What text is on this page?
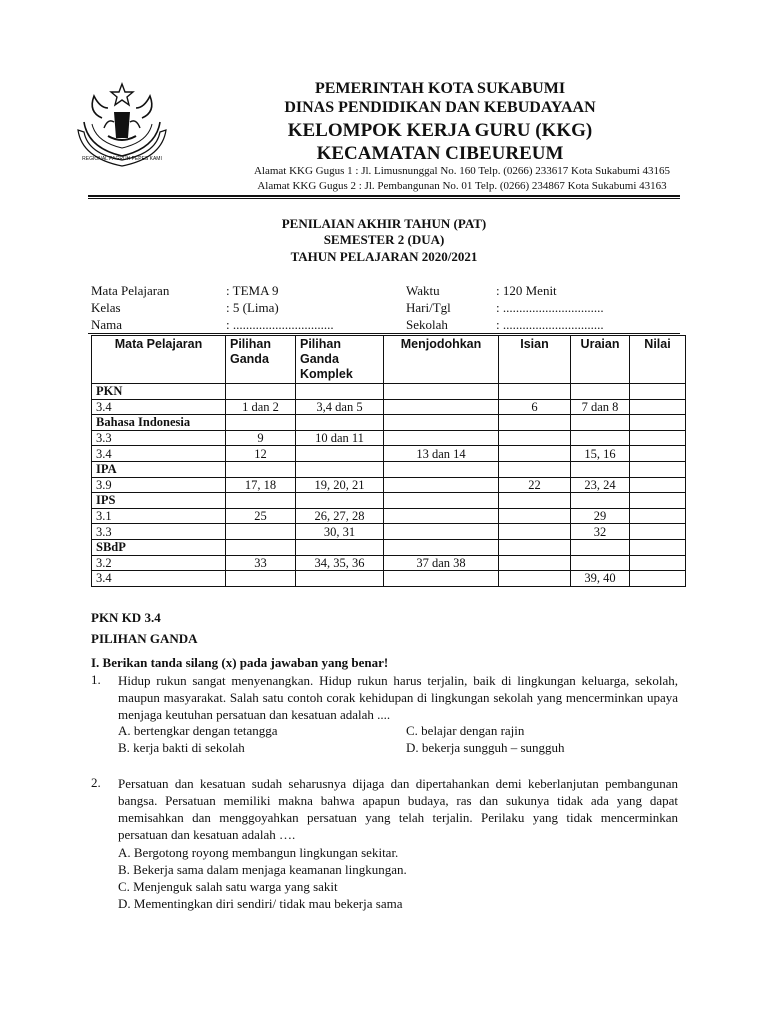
REGIONAL PAGRUH PEPES KAMI
PEMERINTAH KOTA SUKABUMI
DINAS PENDIDIKAN DAN KEBUDAYAAN
KELOMPOK KERJA GURU (KKG)
KECAMATAN CIBEUREUM
Alamat KKG Gugus 1 : Jl. Limusnunggal No. 160 Telp. (0266) 233617 Kota Sukabumi 43165
Alamat KKG Gugus 2 : Jl. Pembangunan No. 01 Telp. (0266) 234867 Kota Sukabumi 43163
PENILAIAN AKHIR TAHUN (PAT)
SEMESTER 2 (DUA)
TAHUN PELAJARAN 2020/2021
Mata Pelajaran	: TEMA 9
Kelas	: 5 (Lima)
Nama	: ...............................
Waktu	: 120 Menit
Hari/Tgl	: ...............................
Sekolah	: ...............................
Mata Pelajaran	Pilihan Ganda	Pilihan Ganda Komplek	Menjodohkan	Isian	Uraian	Nilai
PKN						
3.4	1 dan 2	3,4 dan 5		6	7 dan 8	
Bahasa Indonesia						
3.3	9	10 dan 11				
3.4	12		13 dan 14		15, 16	
IPA						
3.9	17, 18	19, 20, 21		22	23, 24	
IPS						
3.1	25	26, 27, 28			29	
3.3		30, 31			32	
SBdP						
3.2	33	34, 35, 36	37 dan 38			
3.4					39, 40	
PKN KD 3.4
PILIHAN GANDA
I. Berikan tanda silang (x) pada jawaban yang benar!
1. Hidup rukun sangat menyenangkan. Hidup rukun harus terjalin, baik di lingkungan keluarga, sekolah, maupun masyarakat. Salah satu contoh corak kehidupan di lingkungan sekolah yang mencerminkan upaya menjaga keutuhan persatuan dan kesatuan adalah ....
A. bertengkar dengan tetangga	C. belajar dengan rajin
B. kerja bakti di sekolah	D. bekerja sungguh – sungguh
2. Persatuan dan kesatuan sudah seharusnya dijaga dan dipertahankan demi keberlanjutan pembangunan bangsa. Persatuan memiliki makna bahwa apapun budaya, ras dan sukunya tidak ada yang dapat memisahkan dan menggoyahkan persatuan yang telah terjalin. Perilaku yang tidak mencerminkan persatuan dan kesatuan adalah ….
A. Bergotong royong membangun lingkungan sekitar.
B. Bekerja sama dalam menjaga keamanan lingkungan.
C. Menjenguk salah satu warga yang sakit
D. Mementingkan diri sendiri/ tidak mau bekerja sama
